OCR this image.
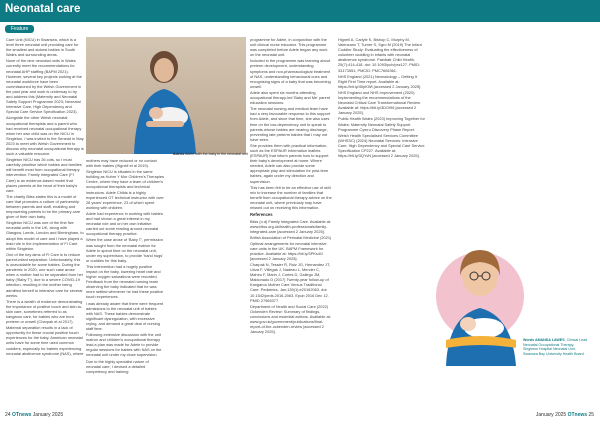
Neonatal care
Feature

Care Unit (NICU) in Swansea, which is a level three neonatal unit providing care for the smallest and sickest babies in South Wales and surrounding areas.

None of the nine neonatal units in Wales currently meet the recommendations for neonatal AHP staffing (BAPM 2021). However, several key projects looking at the neonatal workforce have been commissioned by the Welsh Government in the past year and work is underway to try and address this (Maternity and Neonatal Safety Support Programme 2023; Neonatal Intensive Care, High Dependency and Special Care Service Specification 2023).

Alongside the other Welsh neonatal occupational therapists and a parent who had received neonatal occupational therapy when her own child was on the NICU in Singleton, I was invited to the Senedd in May 2023 to meet with Welsh Government to discuss why neonatal occupational therapy is such a valuable resource.

Singleton NICU has 26 cots, so I must carefully prioritise which babies and families will benefit most from occupational therapy intervention. Family Integrated Care (FI Care) is an evidence-based model that places parents at the heart of their baby's care.

The charity Bliss states this is a model of care that promotes a culture of partnership between parents and staff, enabling and empowering parents to be the primary care giver of their own baby.

Singleton NICU was one of the first five neonatal units in the UK, along with Glasgow, Leeds, London and Birmingham, to adopt this model of care and I have played a lead role in the implementation of FI Care within Singleton.

One of the key aims of FI Care is to reduce parent-infant separation. Unfortunately, this is unavoidable for some babies. During the pandemic in 2020, one such case arose when a mother had to be separated from her baby ('Baby T'), due to a severe COVID-19 infection, resulting in the mother being admitted herself to intensive care for several weeks.

There is a wealth of evidence demonstrating the importance of positive touch and skin-to-skin care, sometimes referred to as kangaroo care, for babies who are born preterm or unwell (Charpak et al 2017).

Maternal separation results in a lack of opportunity for these crucial positive touch experiences for the baby. American neonatal units have for some time used common cuddlers, especially for babies experiencing neonatal abstinence syndrome (NAS), where

Aderis Adele with the baby in the neonatal unit

mothers may have reduced or no contact with their babies (Hignell et al 2019).

Singleton NICU is situated in the same building as Huhm Y Mor Children's Therapies Centre, where they have a team of children's occupational therapists and technical instructors. Adele Childs is a highly experienced OT technical instructor with over 28 years' experience, 23 of which spent working with children.

Adele had experience in working with babies and had shown a great interest in my neonatal role and on her own initiative carried out some reading around neonatal occupational therapy practice.

When the case arose of 'Baby T', permission was sought from the neonatal matron for Adele to spend time on the neonatal unit, under my supervision, to provide 'hand hugs' or cuddles for this baby.

This intervention had a hugely positive impact on the baby, lowering heart rate and higher oxygen saturations were recorded. Feedback from the neonatal nursing team observing the baby indicated that he was more settled whenever he had these positive touch experiences.

I was already aware that there were frequent admissions to the neonatal unit of babies with NAS. These babies demonstrate significant dysregulation, with excessive crying, and demand a great deal of nursing staff time.

Following extensive discussion with the unit matron and children's occupational therapy lead a plan was made for Adele to provide regular sessions for babies with NAS on the neonatal unit under my close supervision.

Due to the highly specialist nature of neonatal care, I devised a detailed competency and training

programme for Adele, in conjunction with the unit clinical nurse educator. This programme was completed before Adele began any work on the neonatal unit.

Included in the programme was learning about preterm development, understanding symptoms and non-pharmacological treatment of NAS, understanding behavioural cues and recognising signs of a baby that was becoming unwell.

Adele also spent six months attending occupational therapy-led 'Baby and Me' parent education sessions.

The neonatal nursing and medical team have had a very favourable response to this support from Adele, and since that time, she also uses time on the low-dependency unit to speak to parents whose babies are nearing discharge, preventing late preterm babies that I may not have seen.

She provides them with practical information, such as the ESPAUR information leaflets (ESPAUR) that inform parents how to support their baby's development at home. Where needed, Adele can also provide some appropriate play and stimulation for post-term babies, again under my direction and supervision.

This has been felt to be an effective use of skill mix to increase the number of families that benefit from occupational therapy advice on the neonatal unit, where previously may have missed out on receiving this information.

References

Bliss (n.d) Family Integrated Care. Available at: www.bliss.org.uk/health-professionals/family-integrated-care [accessed 2 January 2025].

British Association of Perinatal Medicine (2021) Optimal arrangements for neonatal intensive care units in the UK. BAPM Framework for practice. Available at: https://bit.ly/3PKs4G [accessed 2 January 2025].

Charpak N, Tessier R, Ruiz JG, Hernandez JT, Uriza F, Villegas J, Nadeau L, Mercier C, Maheu F, Marin J, Cortes D, Gallego JM, Maldonado D (2017) Twenty-year follow-up of Kangaroo Mother Care Versus Traditional Care. Pediatrics, Jan;139(1):e20162063. doi: 10.1542/peds.2016-2063. Epub 2016 Dec 12. PMID 27965377.

Department of Health and Social Care (2022) Ockenden Review: Summary of findings, conclusions and essential actions. Available at: www.gov.uk/government/publications/final-report-of-the-ockenden-review [accessed 2 January 2025].

Hignell A, Carlyle K, Bishop C, Murphy M, Valenzano T, Turner S, Sgro M (2019) The Infant Cuddler Study: Evaluating the effectiveness of volunteer cuddling in infants with neonatal abstinence syndrome. Paediatr Child Health, 25(7):414-418. doi: 10.1093/pch/pxz127. PMID: 33173551; PMCID: PMC7606361.

NHS England (2021) Neonatology – Getting It Right First Time report. Available at: https://bit.ly/40pKWt [accessed 2 January 2025].

NHS England and NHS Improvement (2020) Implementing the recommendations of the Neonatal Critical Care Transformational Review. Available at: https://bit.ly/3DOI96 [accessed 2 January 2025].

Public Health Wales (2023) Improving Together for Wales: Maternity Neonatal Safety Support Programme Cymru Discovery Phase Report.

Welsh Health Specialised Services Committee (WHSSC) (2024) Neonatal Services: Intensive Care, High Dependency and Special Care Service Specification CP227. Available at: https://bit.ly/3QYvN [accessed 2 January 2025].

Words AMANDA LAWES, Clinical Lead Neonatal Occupational Therapy, Singleton Hospital Neonatal Unit, Swansea Bay University Health Board
24 OTnews January 2025	January 2025 OTnews 25
